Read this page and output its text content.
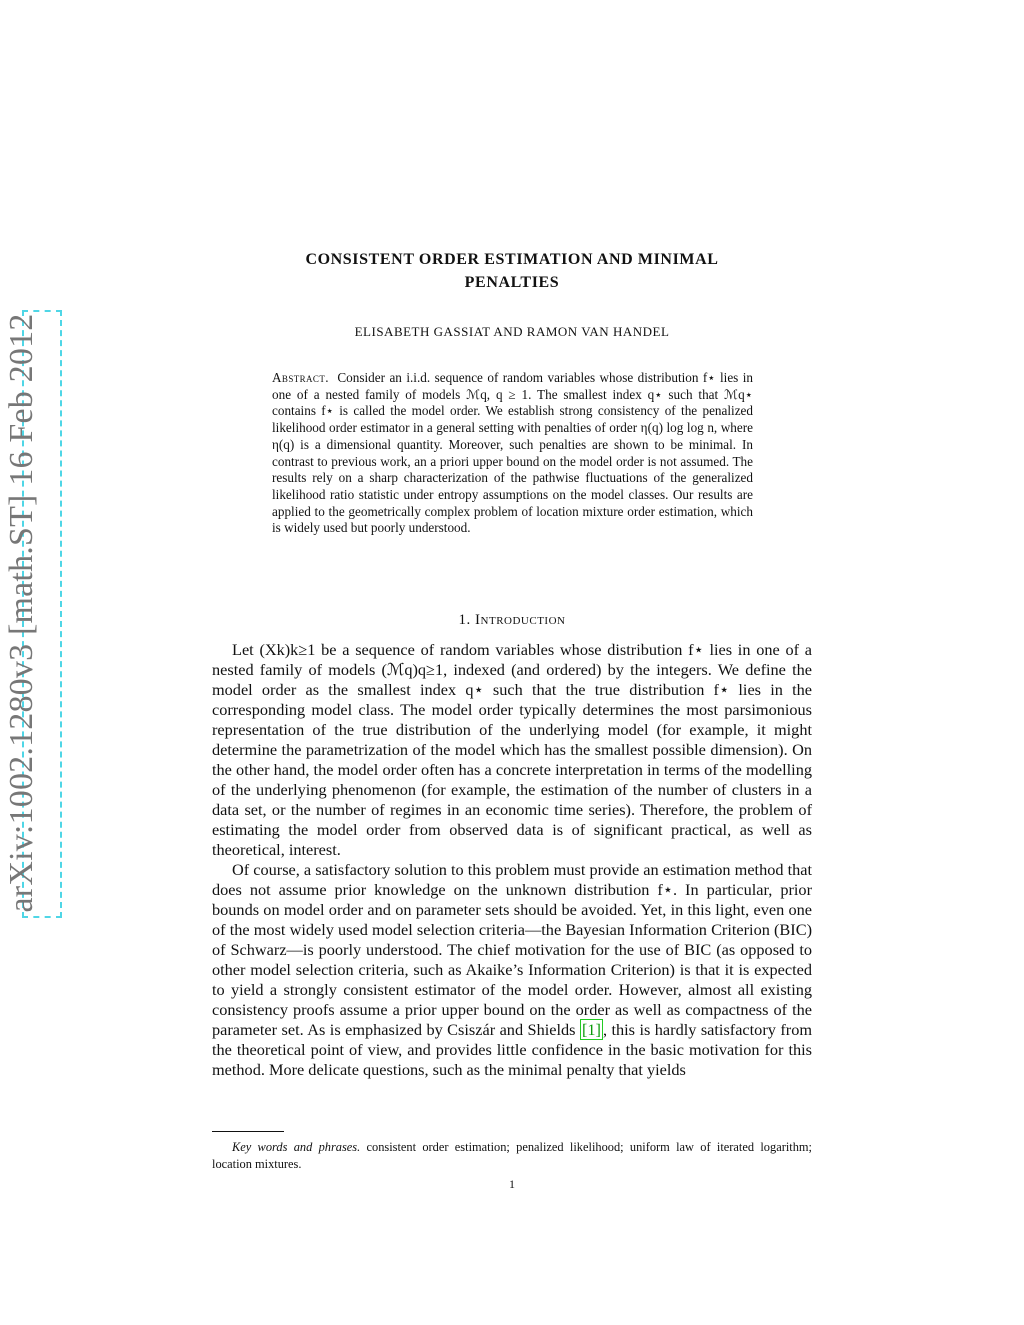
arXiv:1002.1280v3 [math.ST] 16 Feb 2012
CONSISTENT ORDER ESTIMATION AND MINIMAL
PENALTIES
ELISABETH GASSIAT AND RAMON VAN HANDEL
Abstract. Consider an i.i.d. sequence of random variables whose distribution f⋆ lies in one of a nested family of models ℳq, q ≥ 1. The smallest index q⋆ such that ℳq⋆ contains f⋆ is called the model order. We establish strong consistency of the penalized likelihood order estimator in a general setting with penalties of order η(q) log log n, where η(q) is a dimensional quantity. Moreover, such penalties are shown to be minimal. In contrast to previous work, an a priori upper bound on the model order is not assumed. The results rely on a sharp characterization of the pathwise fluctuations of the generalized likelihood ratio statistic under entropy assumptions on the model classes. Our results are applied to the geometrically complex problem of location mixture order estimation, which is widely used but poorly understood.
1. Introduction

Let (Xk)k≥1 be a sequence of random variables whose distribution f⋆ lies in one of a nested family of models (ℳq)q≥1, indexed (and ordered) by the integers. We define the model order as the smallest index q⋆ such that the true distribution f⋆ lies in the corresponding model class. The model order typically determines the most parsimonious representation of the true distribution of the underlying model (for example, it might determine the parametrization of the model which has the smallest possible dimension). On the other hand, the model order often has a concrete interpretation in terms of the modelling of the underlying phenomenon (for example, the estimation of the number of clusters in a data set, or the number of regimes in an economic time series). Therefore, the problem of estimating the model order from observed data is of significant practical, as well as theoretical, interest.

Of course, a satisfactory solution to this problem must provide an estimation method that does not assume prior knowledge on the unknown distribution f⋆. In particular, prior bounds on model order and on parameter sets should be avoided. Yet, in this light, even one of the most widely used model selection criteria—the Bayesian Information Criterion (BIC) of Schwarz—is poorly understood. The chief motivation for the use of BIC (as opposed to other model selection criteria, such as Akaike’s Information Criterion) is that it is expected to yield a strongly consistent estimator of the model order. However, almost all existing consistency proofs assume a prior upper bound on the order as well as compactness of the parameter set. As is emphasized by Csiszár and Shields [1] , this is hardly satisfactory from the theoretical point of view, and provides little confidence in the basic motivation for this method. More delicate questions, such as the minimal penalty that yields

Key words and phrases. consistent order estimation; penalized likelihood; uniform law of iterated logarithm; location mixtures.
1
